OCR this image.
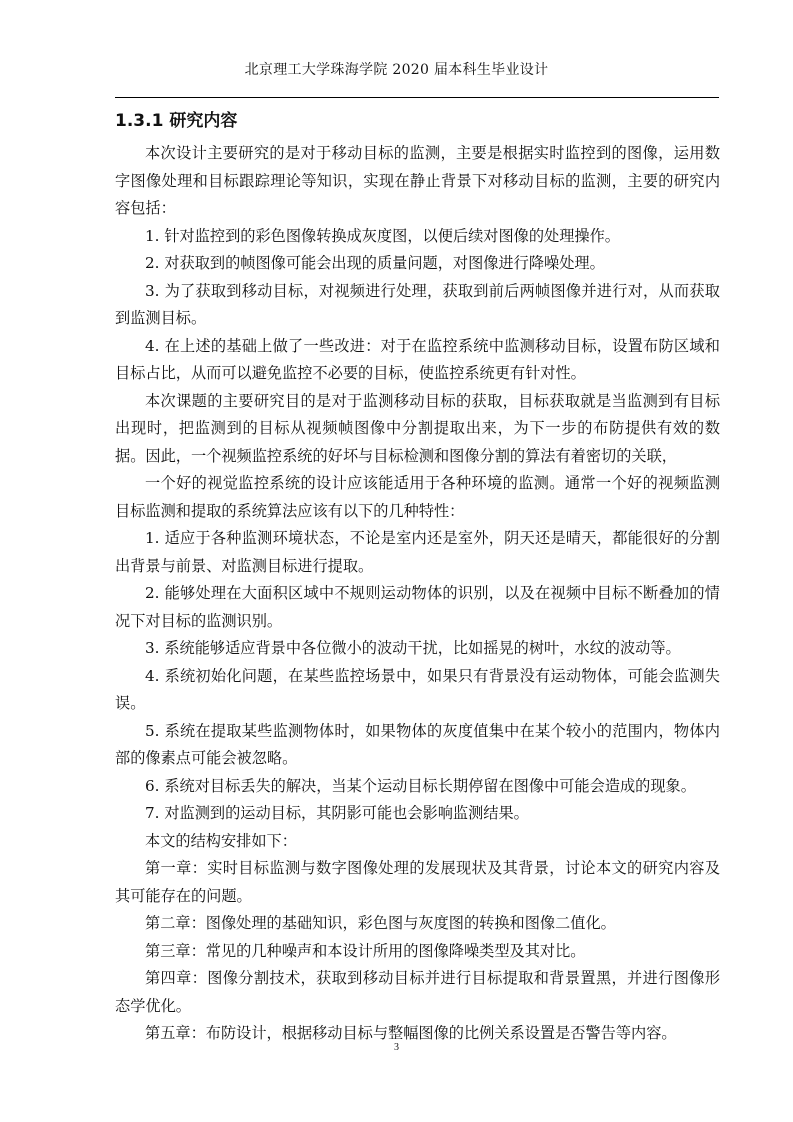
北京理工大学珠海学院 2020 届本科生毕业设计
1.3.1 研究内容

本次设计主要研究的是对于移动目标的监测，主要是根据实时监控到的图像，运用数字图像处理和目标跟踪理论等知识，实现在静止背景下对移动目标的监测，主要的研究内容包括：

1. 针对监控到的彩色图像转换成灰度图，以便后续对图像的处理操作。

2. 对获取到的帧图像可能会出现的质量问题，对图像进行降噪处理。

3. 为了获取到移动目标，对视频进行处理，获取到前后两帧图像并进行对，从而获取到监测目标。

4. 在上述的基础上做了一些改进：对于在监控系统中监测移动目标，设置布防区域和目标占比，从而可以避免监控不必要的目标，使监控系统更有针对性。

本次课题的主要研究目的是对于监测移动目标的获取，目标获取就是当监测到有目标出现时，把监测到的目标从视频帧图像中分割提取出来，为下一步的布防提供有效的数据。因此，一个视频监控系统的好坏与目标检测和图像分割的算法有着密切的关联，

一个好的视觉监控系统的设计应该能适用于各种环境的监测。通常一个好的视频监测目标监测和提取的系统算法应该有以下的几种特性：

1. 适应于各种监测环境状态，不论是室内还是室外，阴天还是晴天，都能很好的分割出背景与前景、对监测目标进行提取。

2. 能够处理在大面积区域中不规则运动物体的识别，以及在视频中目标不断叠加的情况下对目标的监测识别。

3. 系统能够适应背景中各位微小的波动干扰，比如摇晃的树叶，水纹的波动等。

4. 系统初始化问题，在某些监控场景中，如果只有背景没有运动物体，可能会监测失误。

5. 系统在提取某些监测物体时，如果物体的灰度值集中在某个较小的范围内，物体内部的像素点可能会被忽略。

6. 系统对目标丢失的解决，当某个运动目标长期停留在图像中可能会造成的现象。

7. 对监测到的运动目标，其阴影可能也会影响监测结果。

本文的结构安排如下：

第一章：实时目标监测与数字图像处理的发展现状及其背景，讨论本文的研究内容及其可能存在的问题。

第二章：图像处理的基础知识，彩色图与灰度图的转换和图像二值化。

第三章：常见的几种噪声和本设计所用的图像降噪类型及其对比。

第四章：图像分割技术，获取到移动目标并进行目标提取和背景置黑，并进行图像形态学优化。

第五章：布防设计，根据移动目标与整幅图像的比例关系设置是否警告等内容。

3
